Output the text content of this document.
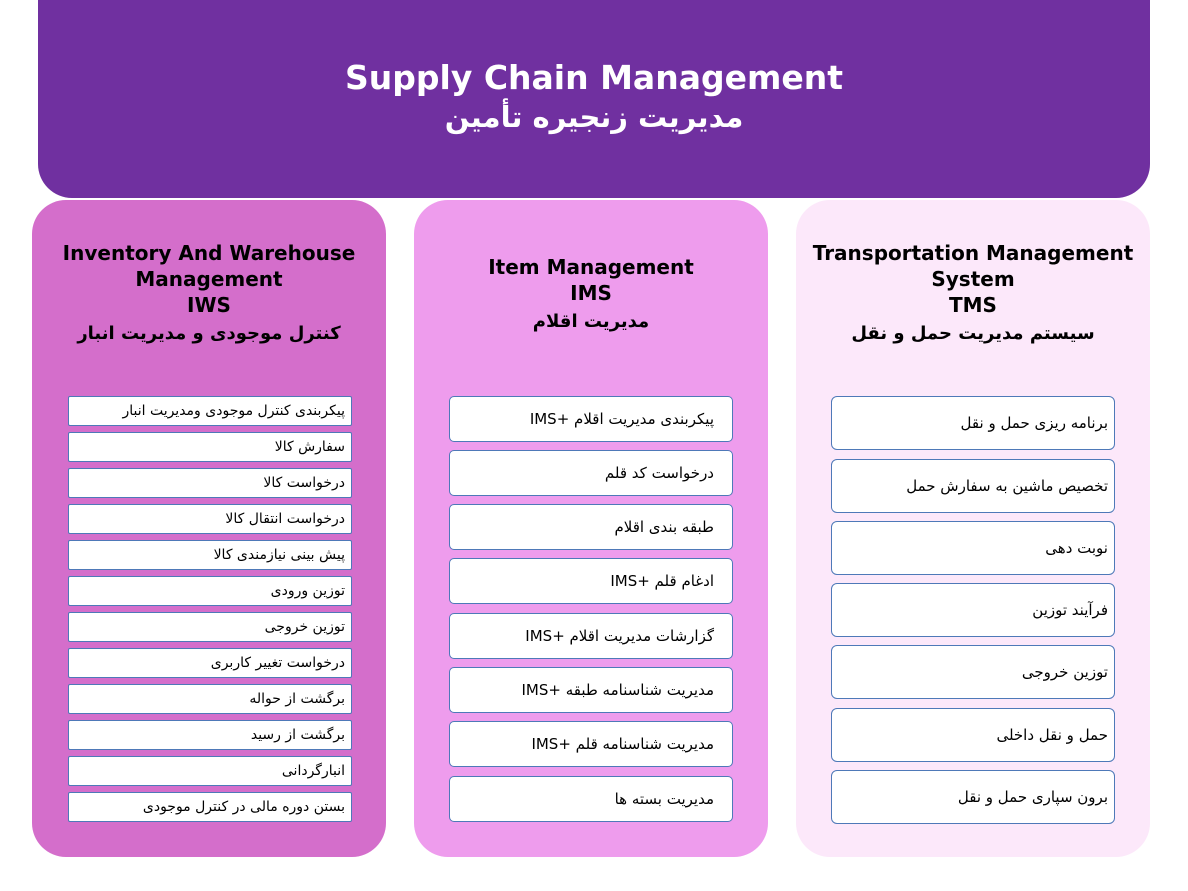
Supply Chain Management
مدیریت زنجیره تأمین
Inventory And Warehouse
Management
IWS
کنترل موجودی و مدیریت انبار
پیکربندی کنترل موجودی ومدیریت انبار
سفارش کالا
درخواست کالا
درخواست انتقال کالا
پیش بینی نیازمندی کالا
توزین ورودی
توزین خروجی
درخواست تغییر کاربری
برگشت از حواله
برگشت از رسید
انبارگردانی
بستن دوره مالی در کنترل موجودی
Item Management
IMS
مدیریت اقلام
پیکربندی مدیریت اقلام +IMS
درخواست کد قلم
طبقه بندی اقلام
ادغام قلم +IMS
گزارشات مدیریت اقلام +IMS
مدیریت شناسنامه طبقه +IMS
مدیریت شناسنامه قلم +IMS
مدیریت بسته ها
Transportation Management
System
TMS
سیستم مدیریت حمل و نقل
برنامه ریزی حمل و نقل
تخصیص ماشین به سفارش حمل
نوبت دهی
فرآیند توزین
توزین خروجی
حمل و نقل داخلی
برون سپاری حمل و نقل
